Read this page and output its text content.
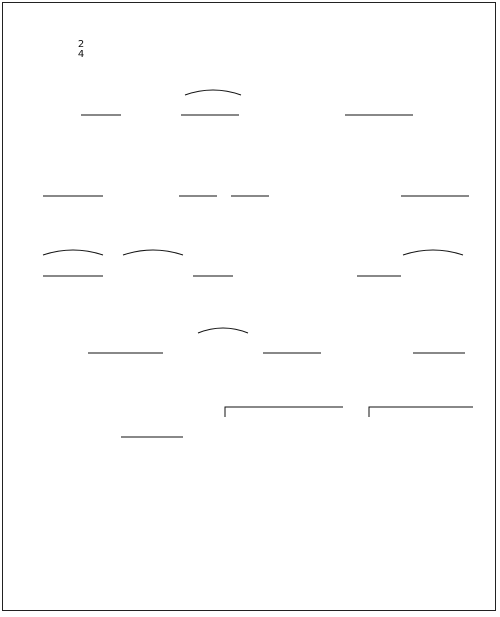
2
4
